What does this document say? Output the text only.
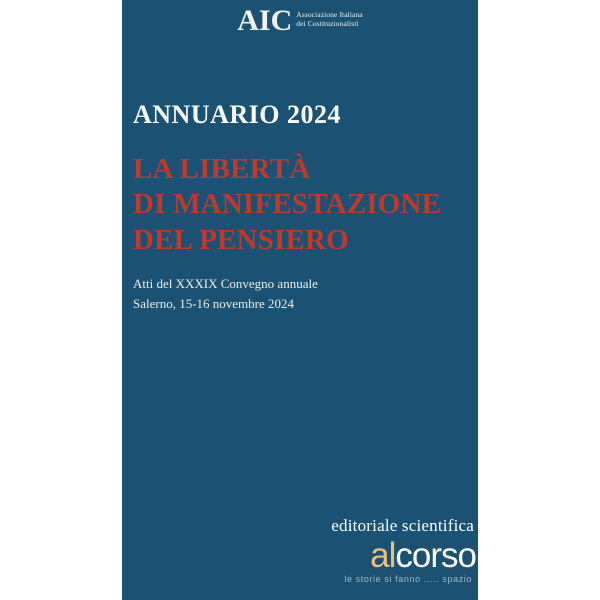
AIC Associazione Italiana
dei Costituzionalisti
ANNUARIO 2024
LA LIBERTÀ
DI MANIFESTAZIONE
DEL PENSIERO
Atti del XXXIX Convegno annuale
Salerno, 15-16 novembre 2024
editoriale scientifica
alcorso
le storie si fanno ..... spazio
